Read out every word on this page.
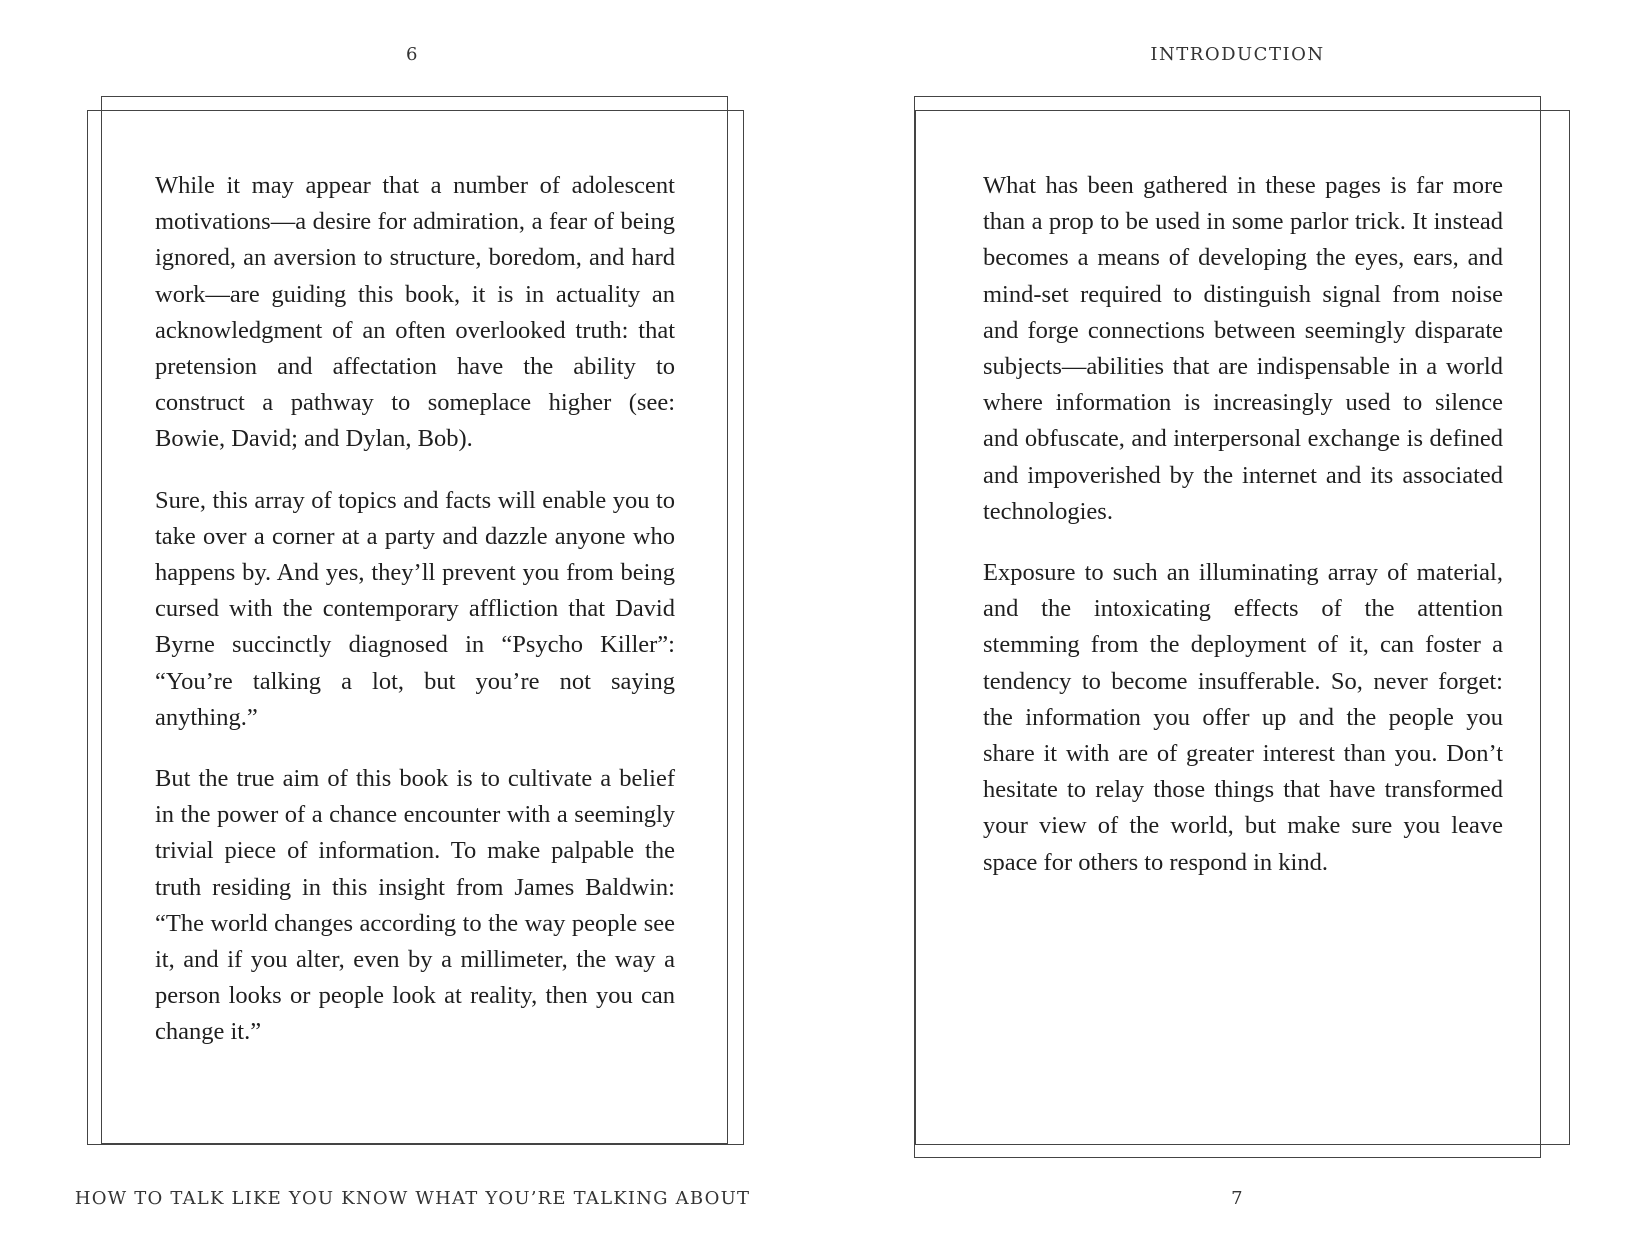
6

While it may appear that a number of adolescent motivations—a desire for admiration, a fear of being ignored, an aversion to structure, boredom, and hard work—are guiding this book, it is in actuality an acknowledgment of an often overlooked truth: that pretension and affectation have the ability to construct a pathway to someplace higher (see: Bowie, David; and Dylan, Bob).

Sure, this array of topics and facts will enable you to take over a corner at a party and dazzle anyone who happens by. And yes, they’ll prevent you from being cursed with the contemporary affliction that David Byrne succinctly diagnosed in “Psycho Killer”: “You’re talking a lot, but you’re not saying anything.”

But the true aim of this book is to cultivate a belief in the power of a chance encounter with a seemingly trivial piece of information. To make palpable the truth residing in this insight from James Baldwin: “The world changes according to the way people see it, and if you alter, even by a millimeter, the way a person looks or people look at reality, then you can change it.”

HOW TO TALK LIKE YOU KNOW WHAT YOU’RE TALKING ABOUT
INTRODUCTION

What has been gathered in these pages is far more than a prop to be used in some parlor trick. It instead becomes a means of developing the eyes, ears, and mind-set required to distinguish signal from noise and forge connections between seemingly disparate subjects—abilities that are indispensable in a world where information is increasingly used to silence and obfuscate, and interpersonal exchange is defined and impoverished by the internet and its associated technologies.

Exposure to such an illuminating array of material, and the intoxicating effects of the attention stemming from the deployment of it, can foster a tendency to become insufferable. So, never forget: the information you offer up and the people you share it with are of greater interest than you. Don’t hesitate to relay those things that have transformed your view of the world, but make sure you leave space for others to respond in kind.

7
